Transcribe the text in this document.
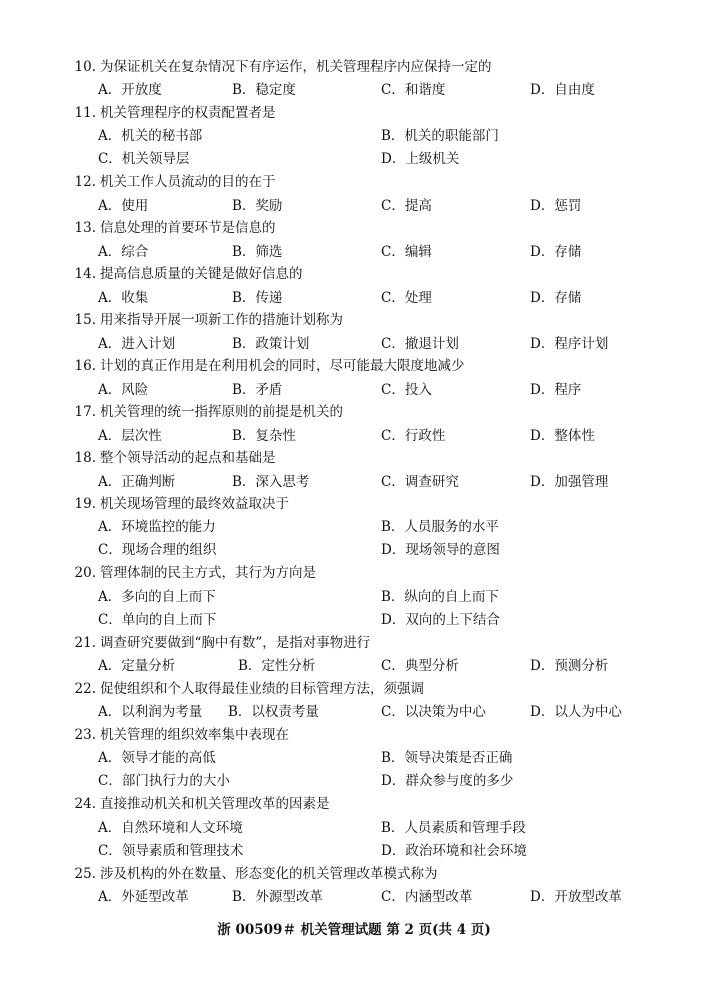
10. 为保证机关在复杂情况下有序运作，机关管理程序内应保持一定的
A．开放度	B．稳定度	C．和谐度	D．自由度
11. 机关管理程序的权责配置者是
A．机关的秘书部	B．机关的职能部门
C．机关领导层	D．上级机关
12. 机关工作人员流动的目的在于
A．使用	B．奖励	C．提高	D．惩罚
13. 信息处理的首要环节是信息的
A．综合	B．筛选	C．编辑	D．存储
14. 提高信息质量的关键是做好信息的
A．收集	B．传递	C．处理	D．存储
15. 用来指导开展一项新工作的措施计划称为
A．进入计划	B．政策计划	C．撤退计划	D．程序计划
16. 计划的真正作用是在利用机会的同时，尽可能最大限度地减少
A．风险	B．矛盾	C．投入	D．程序
17. 机关管理的统一指挥原则的前提是机关的
A．层次性	B．复杂性	C．行政性	D．整体性
18. 整个领导活动的起点和基础是
A．正确判断	B．深入思考	C．调查研究	D．加强管理
19. 机关现场管理的最终效益取决于
A．环境监控的能力	B．人员服务的水平
C．现场合理的组织	D．现场领导的意图
20. 管理体制的民主方式，其行为方向是
A．多向的自上而下	B．纵向的自上而下
C．单向的自上而下	D．双向的上下结合
21. 调查研究要做到“胸中有数”，是指对事物进行
A．定量分析	B．定性分析	C．典型分析	D．预测分析
22. 促使组织和个人取得最佳业绩的目标管理方法，须强调
A．以利润为考量 B．以权责考量	C．以决策为中心	D．以人为中心
23. 机关管理的组织效率集中表现在
A．领导才能的高低	B．领导决策是否正确
C．部门执行力的大小	D．群众参与度的多少
24. 直接推动机关和机关管理改革的因素是
A．自然环境和人文环境	B．人员素质和管理手段
C．领导素质和管理技术	D．政治环境和社会环境
25. 涉及机构的外在数量、形态变化的机关管理改革模式称为
A．外延型改革	B．外源型改革	C．内涵型改革	D．开放型改革
浙 00509＃ 机关管理试题 第 2 页(共 4 页)
